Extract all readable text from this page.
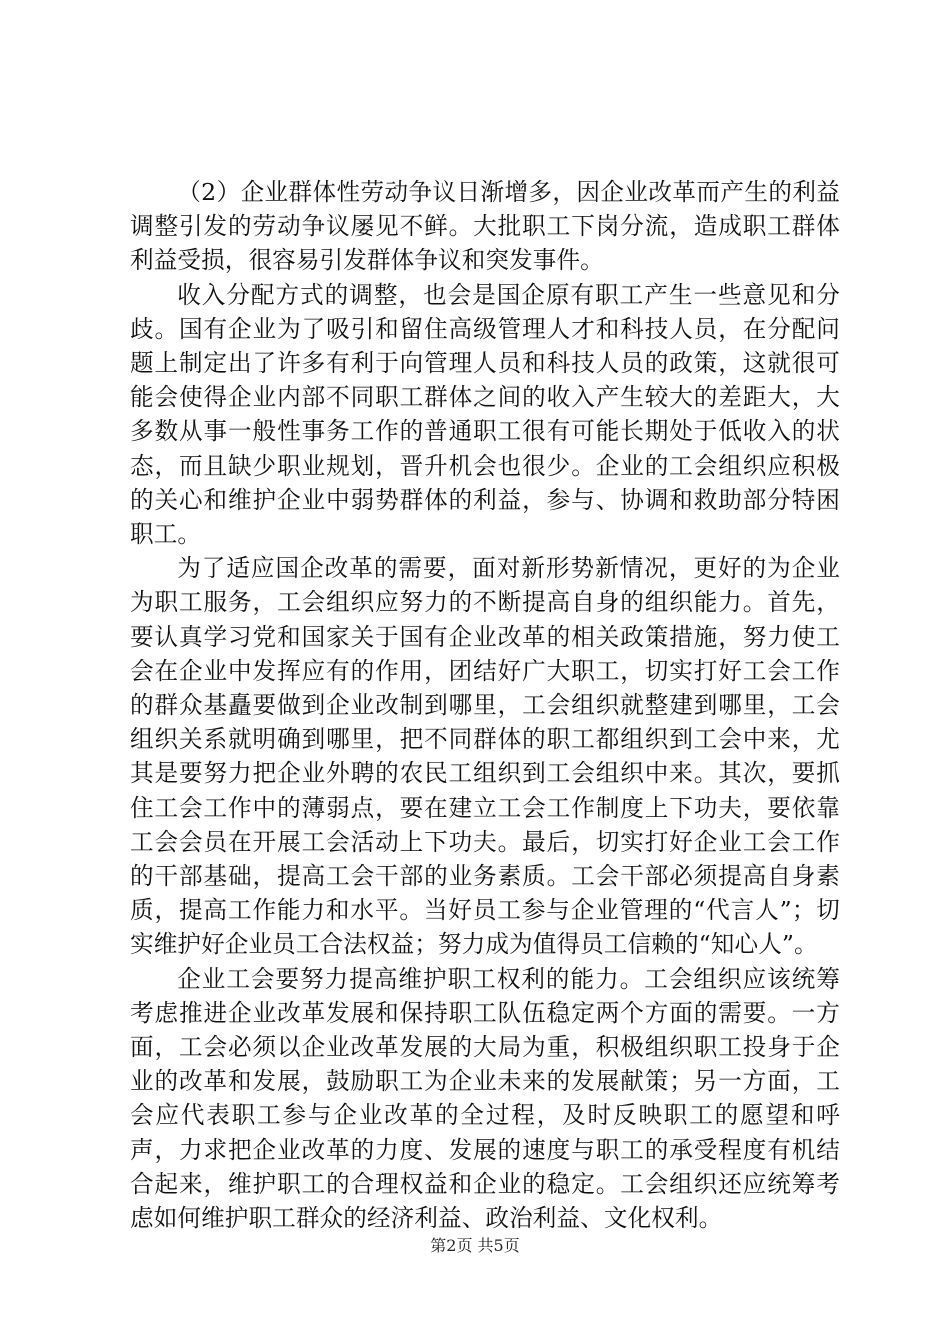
（2）企业群体性劳动争议日渐增多，因企业改革而产生的利益调整引发的劳动争议屡见不鲜。大批职工下岗分流，造成职工群体利益受损，很容易引发群体争议和突发事件。

收入分配方式的调整，也会是国企原有职工产生一些意见和分歧。国有企业为了吸引和留住高级管理人才和科技人员，在分配问题上制定出了许多有利于向管理人员和科技人员的政策，这就很可能会使得企业内部不同职工群体之间的收入产生较大的差距大，大多数从事一般性事务工作的普通职工很有可能长期处于低收入的状态，而且缺少职业规划，晋升机会也很少。企业的工会组织应积极的关心和维护企业中弱势群体的利益，参与、协调和救助部分特困职工。

为了适应国企改革的需要，面对新形势新情况，更好的为企业为职工服务，工会组织应努力的不断提高自身的组织能力。首先，要认真学习党和国家关于国有企业改革的相关政策措施，努力使工会在企业中发挥应有的作用，团结好广大职工，切实打好工会工作的群众基矗要做到企业改制到哪里，工会组织就整建到哪里，工会组织关系就明确到哪里，把不同群体的职工都组织到工会中来，尤其是要努力把企业外聘的农民工组织到工会组织中来。其次，要抓住工会工作中的薄弱点，要在建立工会工作制度上下功夫，要依靠工会会员在开展工会活动上下功夫。最后，切实打好企业工会工作的干部基础，提高工会干部的业务素质。工会干部必须提高自身素质，提高工作能力和水平。当好员工参与企业管理的“代言人”；切实维护好企业员工合法权益；努力成为值得员工信赖的“知心人”。

企业工会要努力提高维护职工权利的能力。工会组织应该统筹考虑推进企业改革发展和保持职工队伍稳定两个方面的需要。一方面，工会必须以企业改革发展的大局为重，积极组织职工投身于企业的改革和发展，鼓励职工为企业未来的发展献策；另一方面，工会应代表职工参与企业改革的全过程，及时反映职工的愿望和呼声，力求把企业改革的力度、发展的速度与职工的承受程度有机结合起来，维护职工的合理权益和企业的稳定。工会组织还应统筹考虑如何维护职工群众的经济利益、政治利益、文化权利。

第2页 共5页
